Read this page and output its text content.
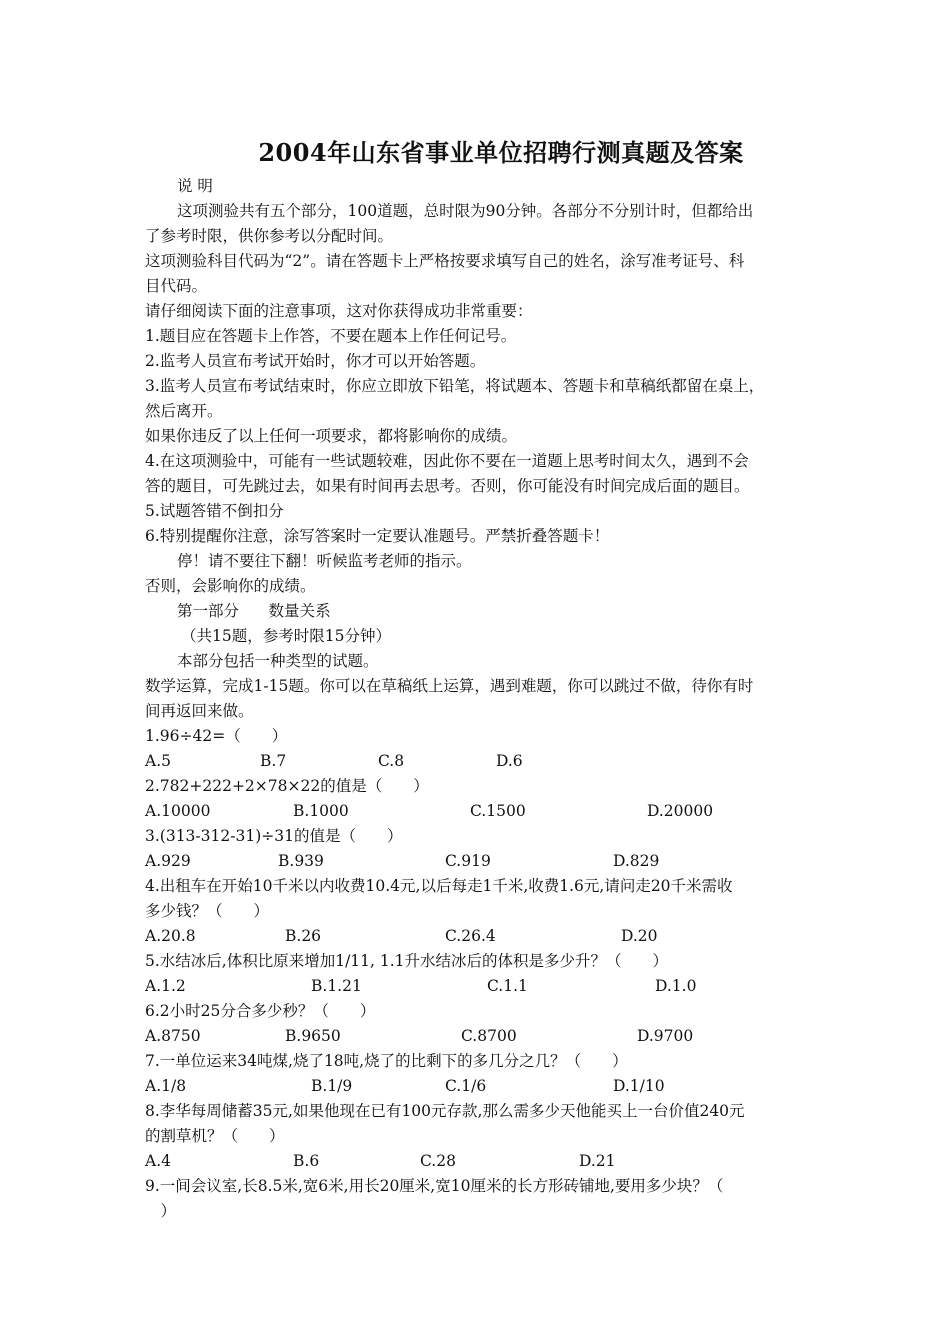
2004年山东省事业单位招聘行测真题及答案
说 明
这项测验共有五个部分，100道题，总时限为90分钟。各部分不分别计时，但都给出
了参考时限，供你参考以分配时间。
这项测验科目代码为“2”。请在答题卡上严格按要求填写自己的姓名，涂写准考证号、科
目代码。
请仔细阅读下面的注意事项，这对你获得成功非常重要：
1.题目应在答题卡上作答，不要在题本上作任何记号。
2.监考人员宣布考试开始时，你才可以开始答题。
3.监考人员宣布考试结束时，你应立即放下铅笔，将试题本、答题卡和草稿纸都留在桌上，
然后离开。
如果你违反了以上任何一项要求，都将影响你的成绩。
4.在这项测验中，可能有一些试题较难，因此你不要在一道题上思考时间太久，遇到不会
答的题目，可先跳过去，如果有时间再去思考。否则，你可能没有时间完成后面的题目。
5.试题答错不倒扣分
6.特别提醒你注意，涂写答案时一定要认准题号。严禁折叠答题卡！
停！请不要往下翻！听候监考老师的指示。
否则，会影响你的成绩。
第一部分      数量关系
（共15题，参考时限15分钟）
本部分包括一种类型的试题。
数学运算，完成1-15题。你可以在草稿纸上运算，遇到难题，你可以跳过不做，待你有时
间再返回来做。
1.96÷42=（　　）
A.5	B.7	C.8	D.6
2.782+222+2×78×22的值是（　　）
A.10000	B.1000	C.1500	D.20000
3.(313-312-31)÷31的值是（　　）
A.929	B.939	C.919	D.829
4.出租车在开始10千米以内收费10.4元,以后每走1千米,收费1.6元,请问走20千米需收
多少钱？（　　）
A.20.8	B.26	C.26.4	D.20
5.水结冰后,体积比原来增加1/11, 1.1升水结冰后的体积是多少升？（　　）
A.1.2	B.1.21	C.1.1	D.1.0
6.2小时25分合多少秒？（　　）
A.8750	B.9650	C.8700	D.9700
7.一单位运来34吨煤,烧了18吨,烧了的比剩下的多几分之几？（　　）
A.1/8	B.1/9	C.1/6	D.1/10
8.李华每周储蓄35元,如果他现在已有100元存款,那么需多少天他能买上一台价值240元
的割草机？（　　）
A.4	B.6	C.28	D.21
9.一间会议室,长8.5米,宽6米,用长20厘米,宽10厘米的长方形砖铺地,要用多少块？（
　）
